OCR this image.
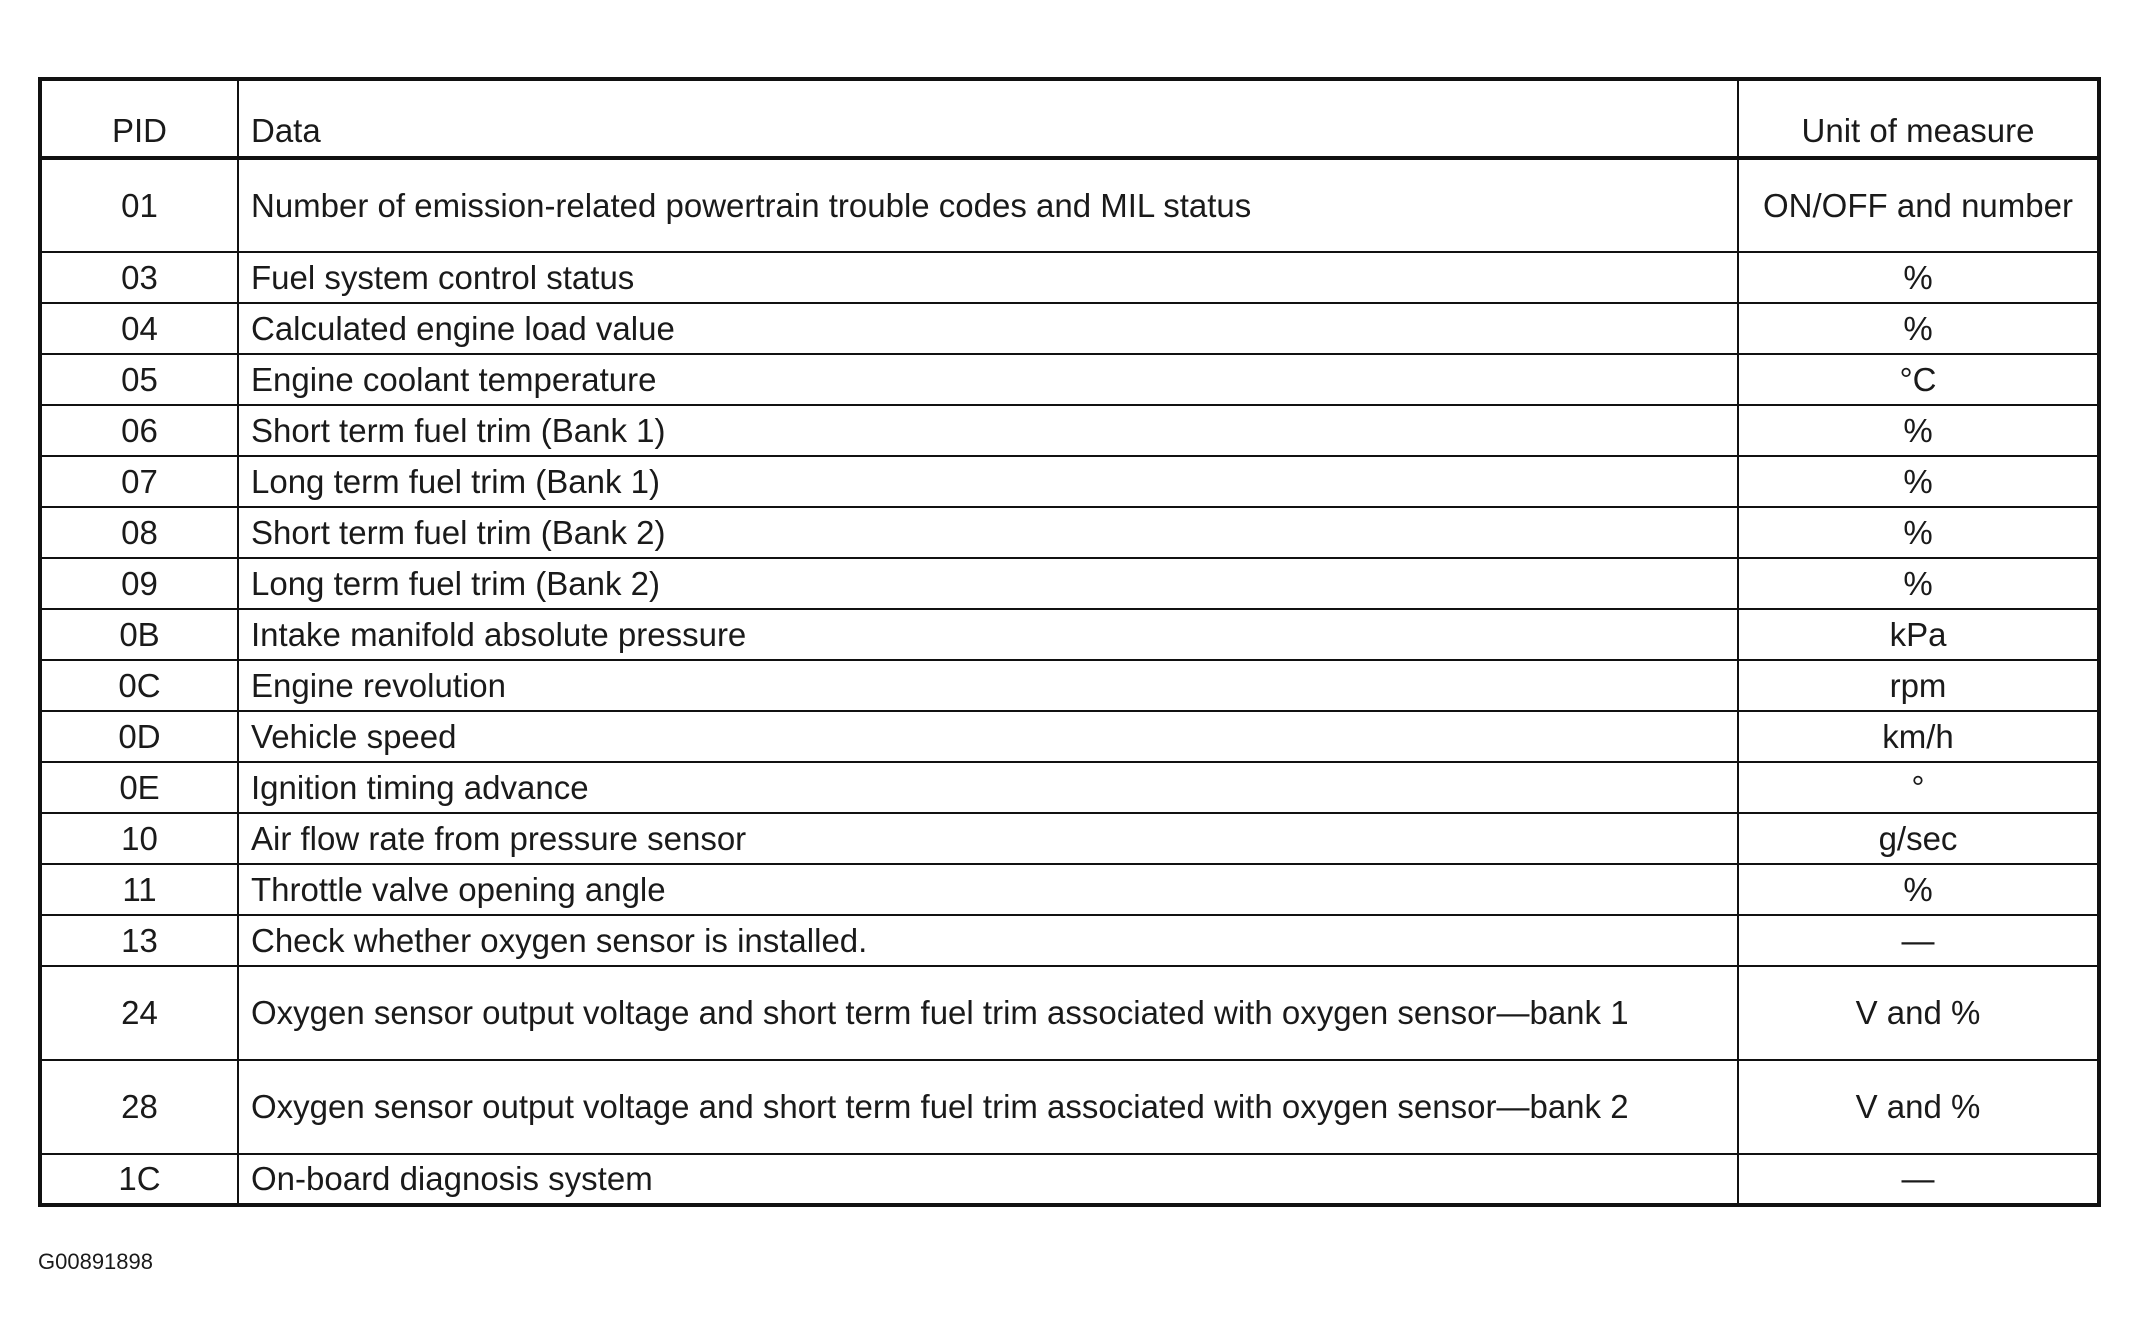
PID	Data	Unit of measure
01	Number of emission-related powertrain trouble codes and MIL status	ON/OFF and number
03	Fuel system control status	%
04	Calculated engine load value	%
05	Engine coolant temperature	°C
06	Short term fuel trim (Bank 1)	%
07	Long term fuel trim (Bank 1)	%
08	Short term fuel trim (Bank 2)	%
09	Long term fuel trim (Bank 2)	%
0B	Intake manifold absolute pressure	kPa
0C	Engine revolution	rpm
0D	Vehicle speed	km/h
0E	Ignition timing advance	°
10	Air flow rate from pressure sensor	g/sec
11	Throttle valve opening angle	%
13	Check whether oxygen sensor is installed.	—
24	Oxygen sensor output voltage and short term fuel trim associated with oxygen sensor—bank 1	V and %
28	Oxygen sensor output voltage and short term fuel trim associated with oxygen sensor—bank 2	V and %
1C	On-board diagnosis system	—
G00891898
